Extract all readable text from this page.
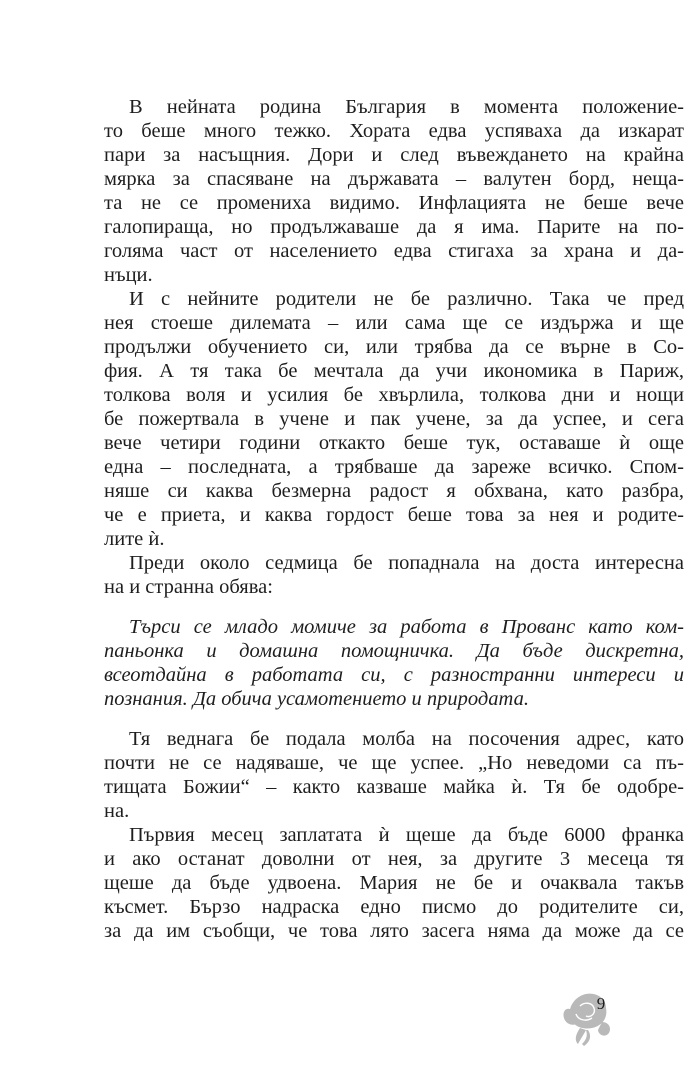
В нейната родина България в момента положение-
то беше много тежко. Хората едва успяваха да изкарат
пари за насъщния. Дори и след въвеждането на крайна
мярка за спасяване на държавата – валутен борд, неща-
та не се промениха видимо. Инфлацията не беше вече
галопираща, но продължаваше да я има. Парите на по-
голяма част от населението едва стигаха за храна и да-
нъци.
И с нейните родители не бе различно. Така че пред
нея стоеше дилемата – или сама ще се издържа и ще
продължи обучението си, или трябва да се върне в Со-
фия. А тя така бе мечтала да учи икономика в Париж,
толкова воля и усилия бе хвърлила, толкова дни и нощи
бе пожертвала в учене и пак учене, за да успее, и сега
вече четири години откакто беше тук, оставаше ѝ още
една – последната, а трябваше да зареже всичко. Спом-
няше си каква безмерна радост я обхвана, като разбра,
че е приета, и каква гордост беше това за нея и родите-
лите ѝ.
Преди около седмица бе попаднала на доста интересна
на и странна обява:
Търси се младо момиче за работа в Прованс като ком-
паньонка и домашна помощничка. Да бъде дискретна,
всеотдайна в работата си, с разностранни интереси и
познания. Да обича усамотението и природата.
Тя веднага бе подала молба на посочения адрес, като
почти не се надяваше, че ще успее. „Но неведоми са пъ-
тищата Божии“ – както казваше майка ѝ. Тя бе одобре-
на.
Първия месец заплатата ѝ щеше да бъде 6000 франка
и ако останат доволни от нея, за другите 3 месеца тя
щеше да бъде удвоена. Мария не бе и очаквала такъв
късмет. Бързо надраска едно писмо до родителите си,
за да им съобщи, че това лято засега няма да може да се
9
